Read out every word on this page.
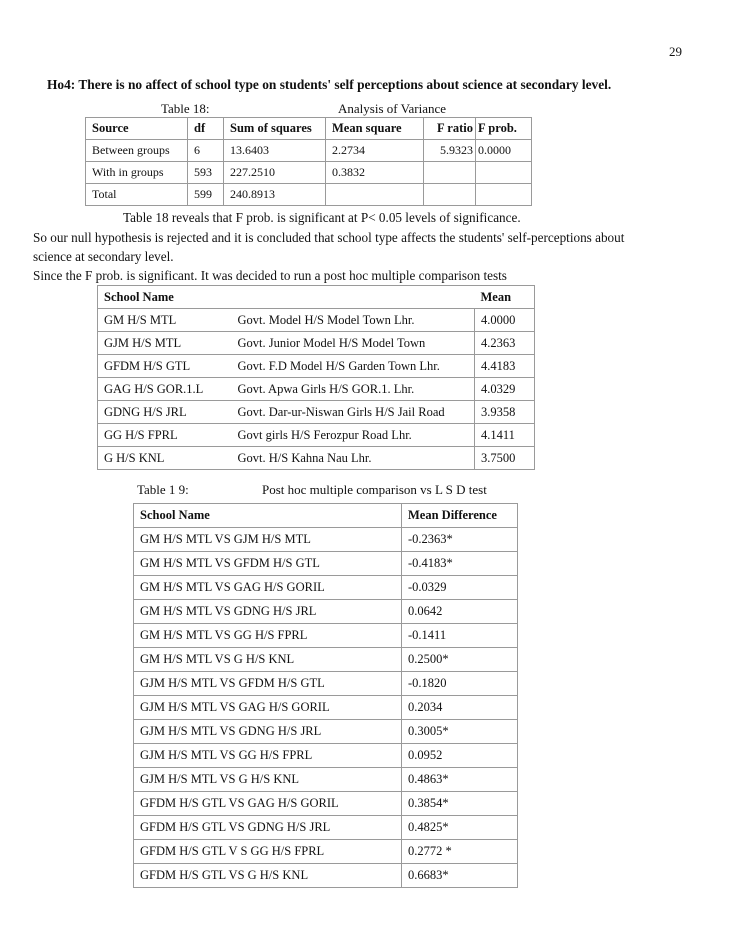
29
Ho4: There is no affect of school type on students' self perceptions about science at secondary level.
Table 18:	Analysis of Variance
Source	df	Sum of squares	Mean square	F ratio	F prob.
Between groups	6	13.6403	2.2734	5.9323	0.0000
With in groups	593	227.2510	0.3832		
Total	599	240.8913			
Table 18 reveals that F prob. is significant at P< 0.05 levels of significance.
So our null hypothesis is rejected and it is concluded that school type affects the students' self-perceptions about
science at secondary level.
Since the F prob. is significant. It was decided to run a post hoc multiple comparison tests
School Name		Mean
GM H/S MTL	Govt. Model H/S Model Town Lhr.	4.0000
GJM H/S MTL	Govt. Junior Model H/S Model Town	4.2363
GFDM H/S GTL	Govt. F.D Model H/S Garden Town Lhr.	4.4183
GAG H/S GOR.1.L	Govt. Apwa Girls H/S GOR.1. Lhr.	4.0329
GDNG H/S JRL	Govt. Dar-ur-Niswan Girls H/S Jail Road	3.9358
GG H/S FPRL	Govt girls H/S Ferozpur Road Lhr.	4.1411
G H/S KNL	Govt. H/S Kahna Nau Lhr.	3.7500
Table 1 9:	Post hoc multiple comparison vs L S D test
School Name	Mean Difference
GM H/S MTL VS GJM H/S MTL	-0.2363*
GM H/S MTL VS GFDM H/S GTL	-0.4183*
GM H/S MTL VS GAG H/S GORIL	-0.0329
GM H/S MTL VS GDNG H/S JRL	0.0642
GM H/S MTL VS GG H/S FPRL	-0.1411
GM H/S MTL VS G H/S KNL	0.2500*
GJM H/S MTL VS GFDM H/S GTL	-0.1820
GJM H/S MTL VS GAG H/S GORIL	0.2034
GJM H/S MTL VS GDNG H/S JRL	0.3005*
GJM H/S MTL VS GG H/S FPRL	0.0952
GJM H/S MTL VS G H/S KNL	0.4863*
GFDM H/S GTL VS GAG H/S GORIL	0.3854*
GFDM H/S GTL VS GDNG H/S JRL	0.4825*
GFDM H/S GTL V S GG H/S FPRL	0.2772 *
GFDM H/S GTL VS G H/S KNL	0.6683*
